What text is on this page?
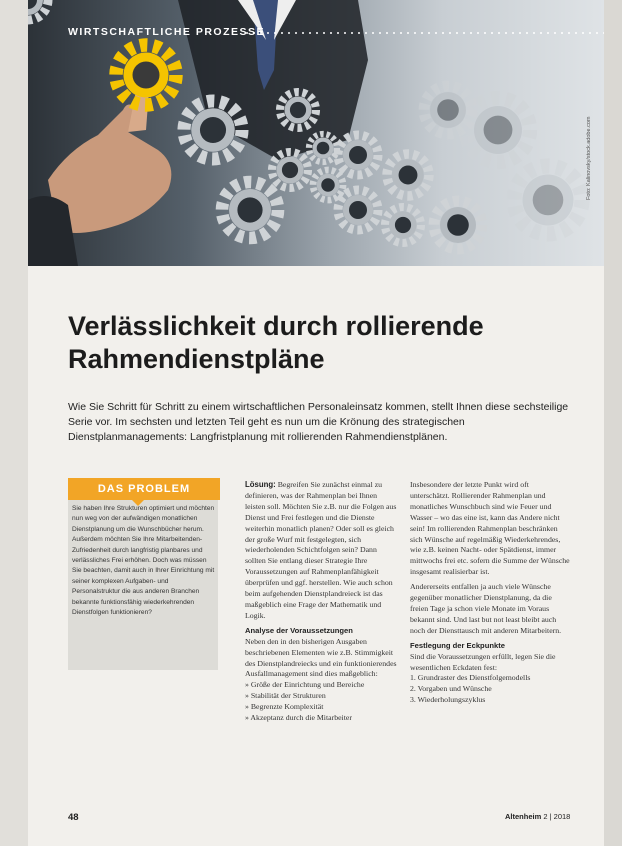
WIRTSCHAFTLICHE PROZESSE
Foto: Kalinovsky/stock.adobe.com
Verlässlichkeit durch rollierende Rahmendienstpläne

Wie Sie Schritt für Schritt zu einem wirtschaftlichen Personaleinsatz kommen, stellt Ihnen diese sechsteilige Serie vor. Im sechsten und letzten Teil geht es nun um die Krönung des strategischen Dienstplanmanagements: Langfristplanung mit rollierenden Rahmendienstplänen.

DAS PROBLEM

Sie haben Ihre Strukturen optimiert und möchten nun weg von der aufwändigen monatlichen Dienstplanung um die Wunschbücher herum. Außerdem möchten Sie Ihre Mitarbeitenden-Zufriedenheit durch langfristig planbares und verlässliches Frei erhöhen. Doch was müssen Sie beachten, damit auch in Ihrer Einrichtung mit seiner komplexen Aufgaben- und Personalstruktur die aus anderen Branchen bekannte funktionsfähig wiederkehrenden Dienstfolgen funktionieren?

Lösung: Begreifen Sie zunächst einmal zu definieren, was der Rahmenplan bei Ihnen leisten soll. Möchten Sie z.B. nur die Folgen aus Dienst und Frei festlegen und die Dienste weiterhin monatlich planen? Oder soll es gleich der große Wurf mit festgelegten, sich wiederholenden Schichtfolgen sein? Dann sollten Sie entlang dieser Strategie Ihre Voraussetzungen auf Rahmenplanfähigkeit überprüfen und ggf. herstellen. Wie auch schon beim aufgehenden Dienstplandreieck ist das maßgeblich eine Frage der Mathematik und Logik.

Analyse der Voraussetzungen

Neben den in den bisherigen Ausgaben beschriebenen Elementen wie z.B. Stimmigkeit des Dienstplandreiecks und ein funktionierendes Ausfallmanagement sind dies maßgeblich:

» Größe der Einrichtung und Bereiche
» Stabilität der Strukturen
» Begrenzte Komplexität
» Akzeptanz durch die Mitarbeiter

Insbesondere der letzte Punkt wird oft unterschätzt. Rollierender Rahmenplan und monatliches Wunschbuch sind wie Feuer und Wasser – wo das eine ist, kann das Andere nicht sein! Im rollierenden Rahmenplan beschränken sich Wünsche auf regelmäßig Wiederkehrendes, wie z.B. keinen Nacht- oder Spätdienst, immer mittwochs frei etc. sofern die Summe der Wünsche insgesamt realisierbar ist.

Andererseits entfallen ja auch viele Wünsche gegenüber monatlicher Dienstplanung, da die freien Tage ja schon viele Monate im Voraus bekannt sind. Und last but not least bleibt auch noch der Diensttausch mit anderen Mitarbeitern.

Festlegung der Eckpunkte

Sind die Voraussetzungen erfüllt, legen Sie die wesentlichen Eckdaten fest:

1. Grundraster des Dienstfolgemodells
2. Vorgaben und Wünsche
3. Wiederholungszyklus
48	Altenheim 2 | 2018
